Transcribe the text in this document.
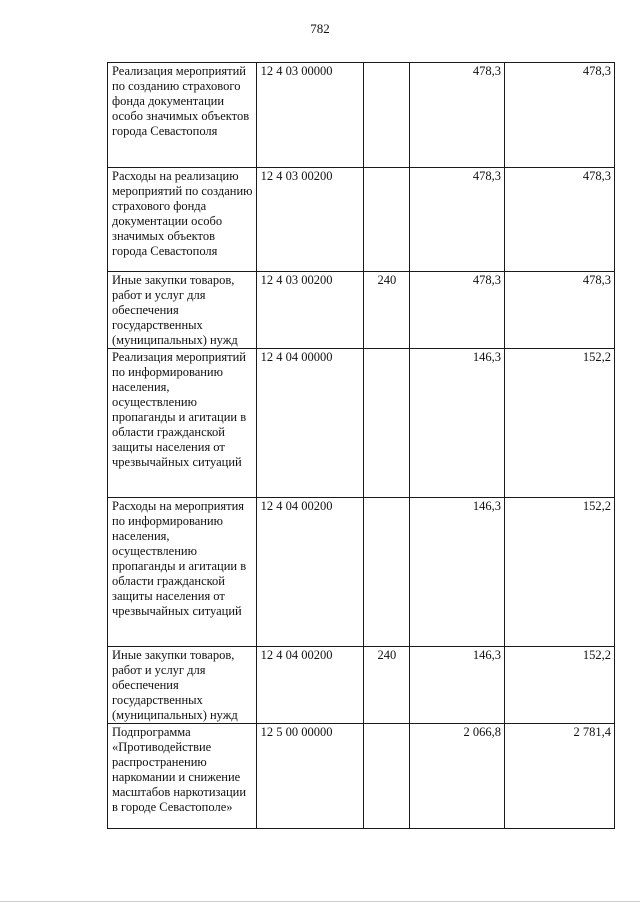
782
Реализация мероприятий по созданию страхового фонда документации особо значимых объектов города Севастополя	12 4 03 00000		478,3	478,3
Расходы на реализацию мероприятий по созданию страхового фонда документации особо значимых объектов города Севастополя	12 4 03 00200		478,3	478,3
Иные закупки товаров, работ и услуг для обеспечения государственных (муниципальных) нужд	12 4 03 00200	240	478,3	478,3
Реализация мероприятий по информированию населения, осуществлению пропаганды и агитации в области гражданской защиты населения от чрезвычайных ситуаций	12 4 04 00000		146,3	152,2
Расходы на мероприятия по информированию населения, осуществлению пропаганды и агитации в области гражданской защиты населения от чрезвычайных ситуаций	12 4 04 00200		146,3	152,2
Иные закупки товаров, работ и услуг для обеспечения государственных (муниципальных) нужд	12 4 04 00200	240	146,3	152,2
Подпрограмма «Противодействие распространению наркомании и снижение масштабов наркотизации в городе Севастополе»	12 5 00 00000		2 066,8	2 781,4
